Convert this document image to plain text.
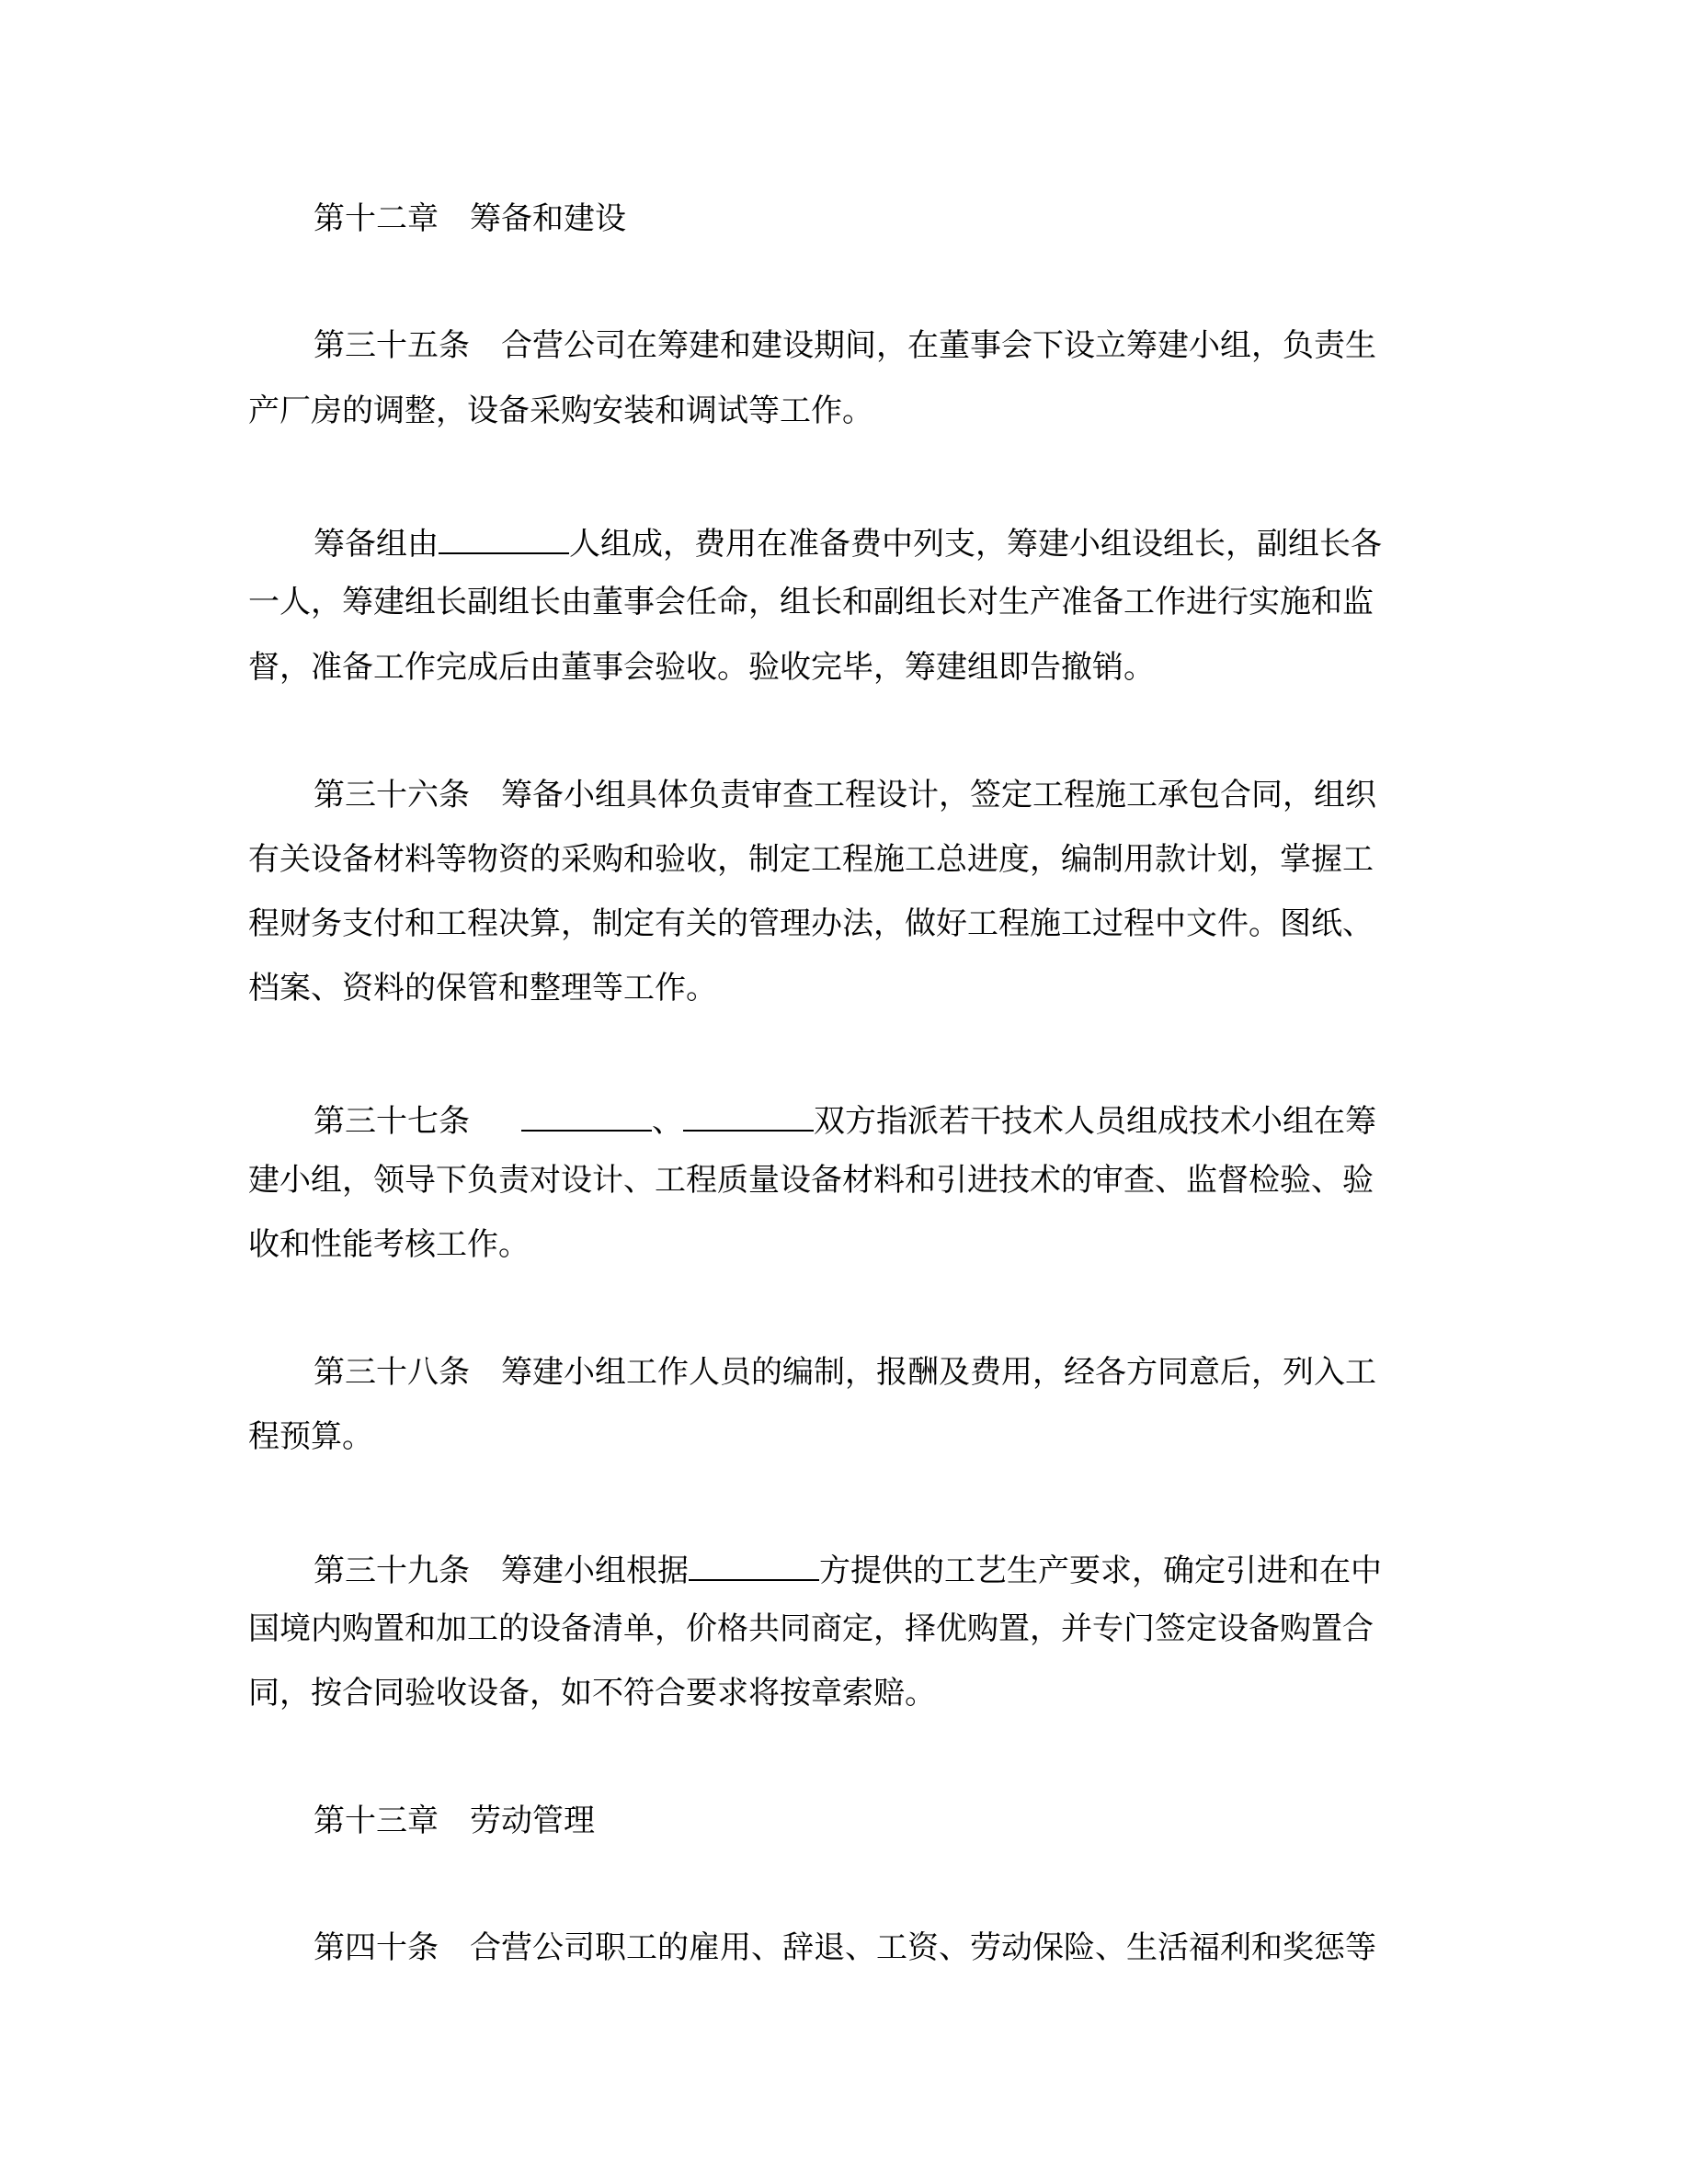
第十二章　筹备和建设
第三十五条　合营公司在筹建和建设期间，在董事会下设立筹建小组，负责生
产厂房的调整，设备采购安装和调试等工作。
筹备组由	人组成，费用在准备费中列支，筹建小组设组长，副组长各
一人，筹建组长副组长由董事会任命，组长和副组长对生产准备工作进行实施和监
督，准备工作完成后由董事会验收。验收完毕，筹建组即告撤销。
第三十六条　筹备小组具体负责审查工程设计，签定工程施工承包合同，组织
有关设备材料等物资的采购和验收，制定工程施工总进度，编制用款计划，掌握工
程财务支付和工程决算，制定有关的管理办法，做好工程施工过程中文件。图纸、
档案、资料的保管和整理等工作。
第三十七条　	、	双方指派若干技术人员组成技术小组在筹
建小组，领导下负责对设计、工程质量设备材料和引进技术的审查、监督检验、验
收和性能考核工作。
第三十八条　筹建小组工作人员的编制，报酬及费用，经各方同意后，列入工
程预算。
第三十九条　筹建小组根据	方提供的工艺生产要求，确定引进和在中
国境内购置和加工的设备清单，价格共同商定，择优购置，并专门签定设备购置合
同，按合同验收设备，如不符合要求将按章索赔。
第十三章　劳动管理
第四十条　合营公司职工的雇用、辞退、工资、劳动保险、生活福利和奖惩等
